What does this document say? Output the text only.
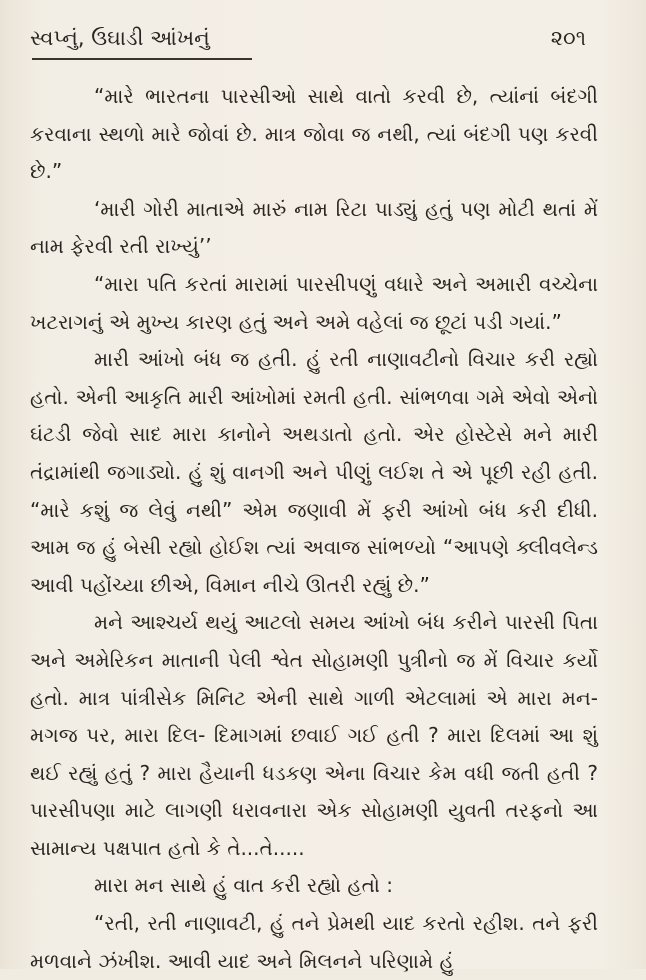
સ્વપ્નું, ઉઘાડી આંખનું	૨૦૧

“મારે ભારતના પારસીઓ સાથે વાતો કરવી છે, ત્યાંનાં બંદગી કરવાના સ્થળો મારે જોવાં છે. માત્ર જોવા જ નથી, ત્યાં બંદગી પણ કરવી છે.”

‘મારી ગોરી માતાએ મારું નામ રિટા પાડ્યું હતું પણ મોટી થતાં મેં નામ ફેરવી રતી રાખ્યું’’

“મારા પતિ કરતાં મારામાં પારસીપણું વધારે અને અમારી વચ્ચેના ખટરાગનું એ મુખ્ય કારણ હતું અને અમે વહેલાં જ છૂટાં પડી ગયાં.”

મારી આંખો બંધ જ હતી. હું રતી નાણાવટીનો વિચાર કરી રહ્યો હતો. એની આકૃતિ મારી આંખોમાં રમતી હતી. સાંભળવા ગમે એવો એનો ઘંટડી જેવો સાદ મારા કાનોને અથડાતો હતો. એર હોસ્ટેસે મને મારી તંદ્રામાંથી જગાડ્યો. હું શું વાનગી અને પીણું લઈશ તે એ પૂછી રહી હતી. “મારે કશું જ લેવું નથી” એમ જણાવી મેં ફરી આંખો બંધ કરી દીધી. આમ જ હું બેસી રહ્યો હોઈશ ત્યાં અવાજ સાંભળ્યો “આપણે ક્લીવલેન્ડ આવી પહોંચ્યા છીએ, વિમાન નીચે ઊતરી રહ્યું છે.”

મને આશ્ચર્ય થયું આટલો સમય આંખો બંધ કરીને પારસી પિતા અને અમેરિકન માતાની પેલી શ્વેત સોહામણી પુત્રીનો જ મેં વિચાર કર્યો હતો. માત્ર પાંત્રીસેક મિનિટ એની સાથે ગાળી એટલામાં એ મારા મન-મગજ પર, મારા દિલ- દિમાગમાં છવાઈ ગઈ હતી ? મારા દિલમાં આ શું થઈ રહ્યું હતું ? મારા હૈયાની ધડકણ એના વિચાર કેમ વધી જતી હતી ? પારસીપણા માટે લાગણી ધરાવનારા એક સોહામણી યુવતી તરફનો આ સામાન્ય પક્ષપાત હતો કે તે...તે.....

મારા મન સાથે હું વાત કરી રહ્યો હતો :

“રતી, રતી નાણાવટી, હું તને પ્રેમથી યાદ કરતો રહીશ. તને ફરી મળવાને ઝંખીશ. આવી યાદ અને મિલનને પરિણામે હું
